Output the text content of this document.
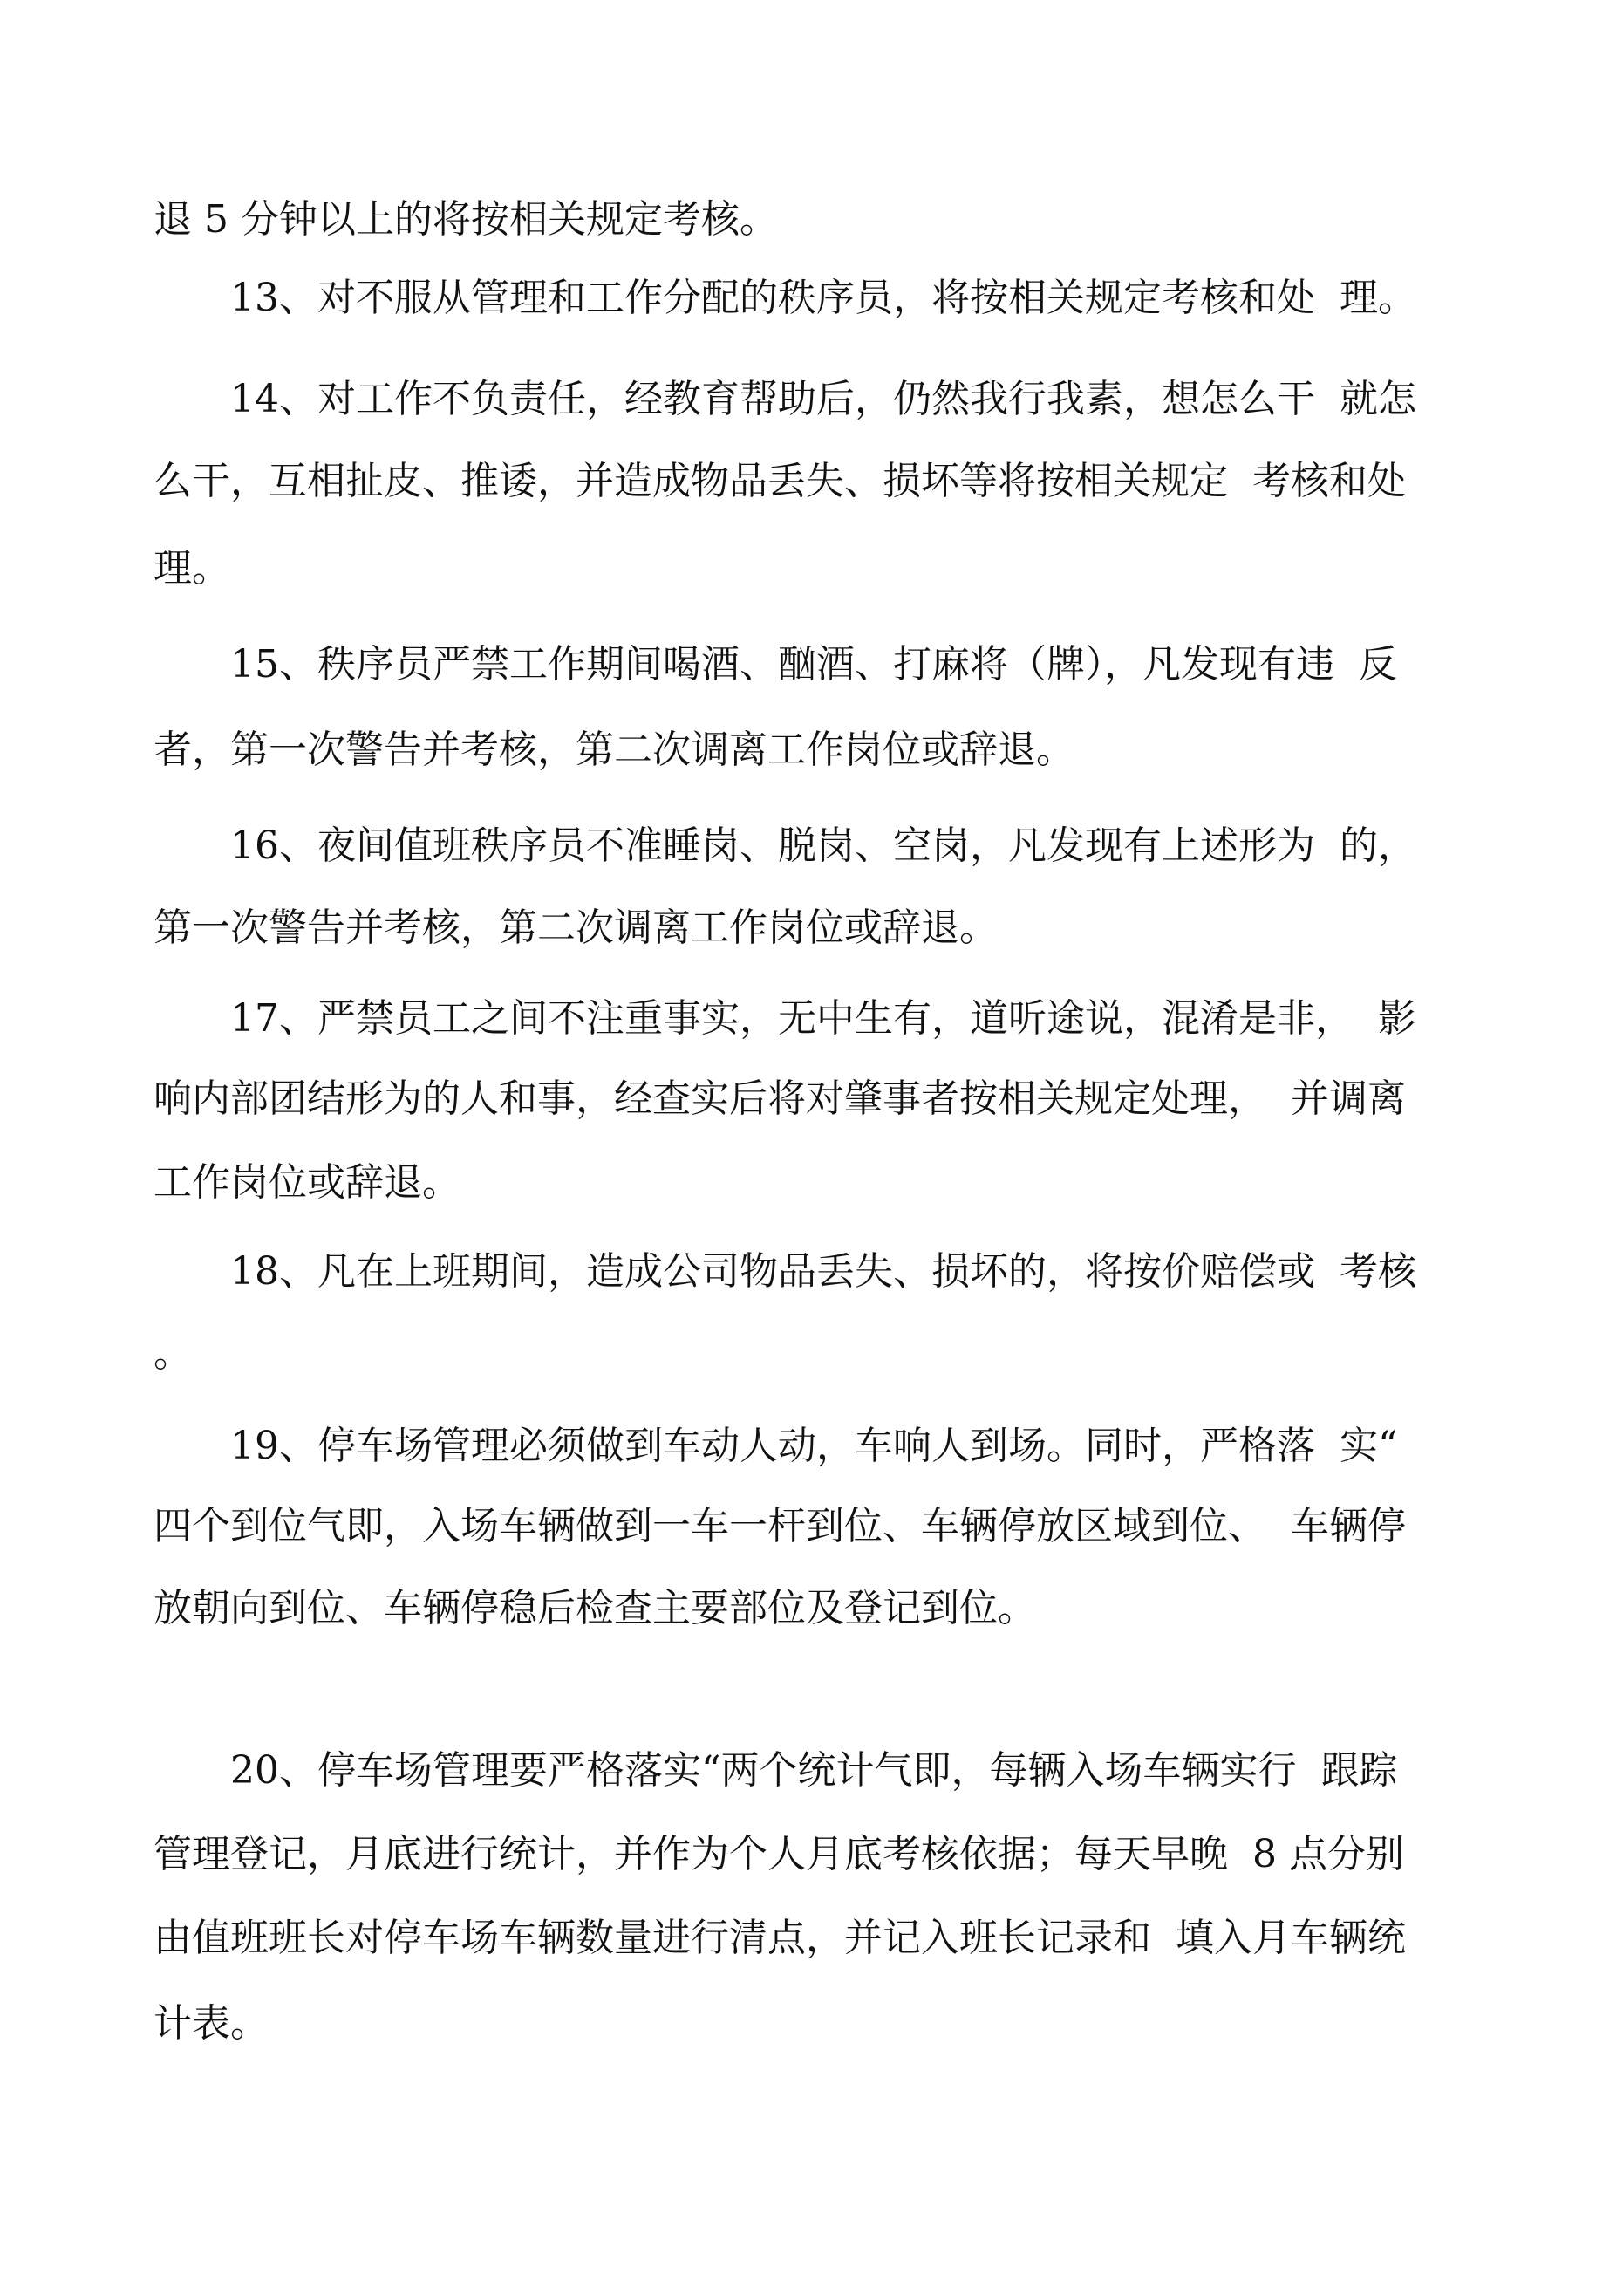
退 5 分钟以上的将按相关规定考核。

　　13、对不服从管理和工作分配的秩序员，将按相关规定考核和处  理。

　　14、对工作不负责任，经教育帮助后，仍然我行我素，想怎么干  就怎

么干，互相扯皮、推诿，并造成物品丢失、损坏等将按相关规定  考核和处

理。

　　15、秩序员严禁工作期间喝酒、酗酒、打麻将（牌），凡发现有违  反

者，第一次警告并考核，第二次调离工作岗位或辞退。

　　16、夜间值班秩序员不准睡岗、脱岗、空岗，凡发现有上述形为  的，

第一次警告并考核，第二次调离工作岗位或辞退。

　　17、严禁员工之间不注重事实，无中生有，道听途说，混淆是非，  影

响内部团结形为的人和事，经查实后将对肇事者按相关规定处理，  并调离

工作岗位或辞退。

　　18、凡在上班期间，造成公司物品丢失、损坏的，将按价赔偿或  考核

。

　　19、停车场管理必须做到车动人动，车响人到场。同时，严格落  实“

四个到位气即，入场车辆做到一车一杆到位、车辆停放区域到位、  车辆停

放朝向到位、车辆停稳后检查主要部位及登记到位。

　　20、停车场管理要严格落实“两个统计气即，每辆入场车辆实行  跟踪

管理登记，月底进行统计，并作为个人月底考核依据；每天早晚  8 点分别

由值班班长对停车场车辆数量进行清点，并记入班长记录和  填入月车辆统

计表。
